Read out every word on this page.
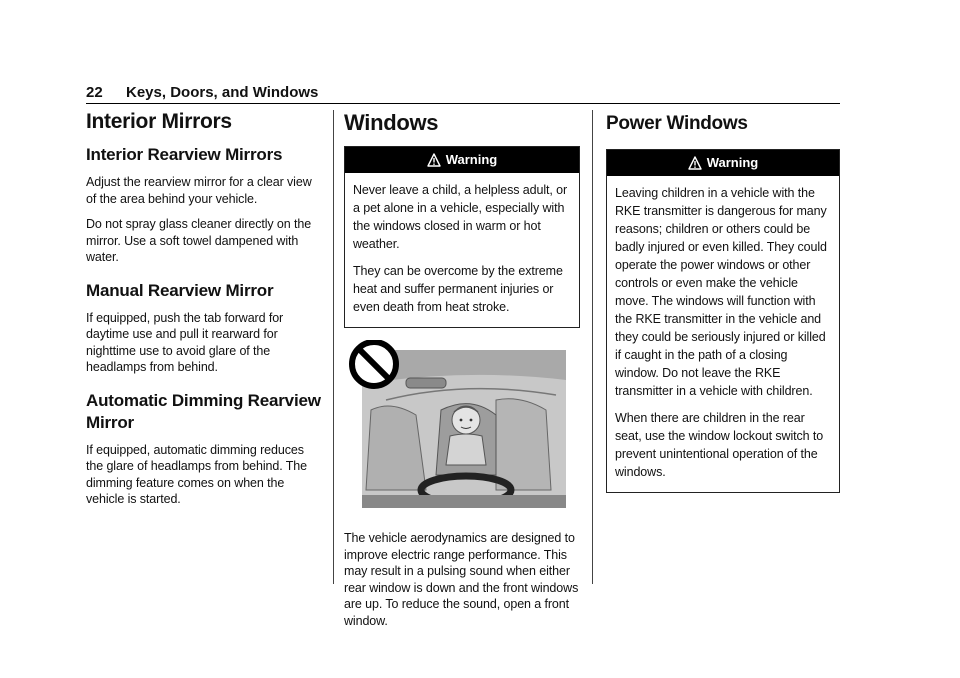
22 Keys, Doors, and Windows
Interior Mirrors
Interior Rearview Mirrors

Adjust the rearview mirror for a clear view of the area behind your vehicle.

Do not spray glass cleaner directly on the mirror. Use a soft towel dampened with water.

Manual Rearview Mirror

If equipped, push the tab forward for daytime use and pull it rearward for nighttime use to avoid glare of the headlamps from behind.

Automatic Dimming Rearview Mirror

If equipped, automatic dimming reduces the glare of headlamps from behind. The dimming feature comes on when the vehicle is started.

Windows
Warning

Never leave a child, a helpless adult, or a pet alone in a vehicle, especially with the windows closed in warm or hot weather.

They can be overcome by the extreme heat and suffer permanent injuries or even death from heat stroke.

The vehicle aerodynamics are designed to improve electric range performance. This may result in a pulsing sound when either rear window is down and the front windows are up. To reduce the sound, open a front window.

Power Windows
Warning

Leaving children in a vehicle with the RKE transmitter is dangerous for many reasons; children or others could be badly injured or even killed. They could operate the power windows or other controls or even make the vehicle move. The windows will function with the RKE transmitter in the vehicle and they could be seriously injured or killed if caught in the path of a closing window. Do not leave the RKE transmitter in a vehicle with children.

When there are children in the rear seat, use the window lockout switch to prevent unintentional operation of the windows.
